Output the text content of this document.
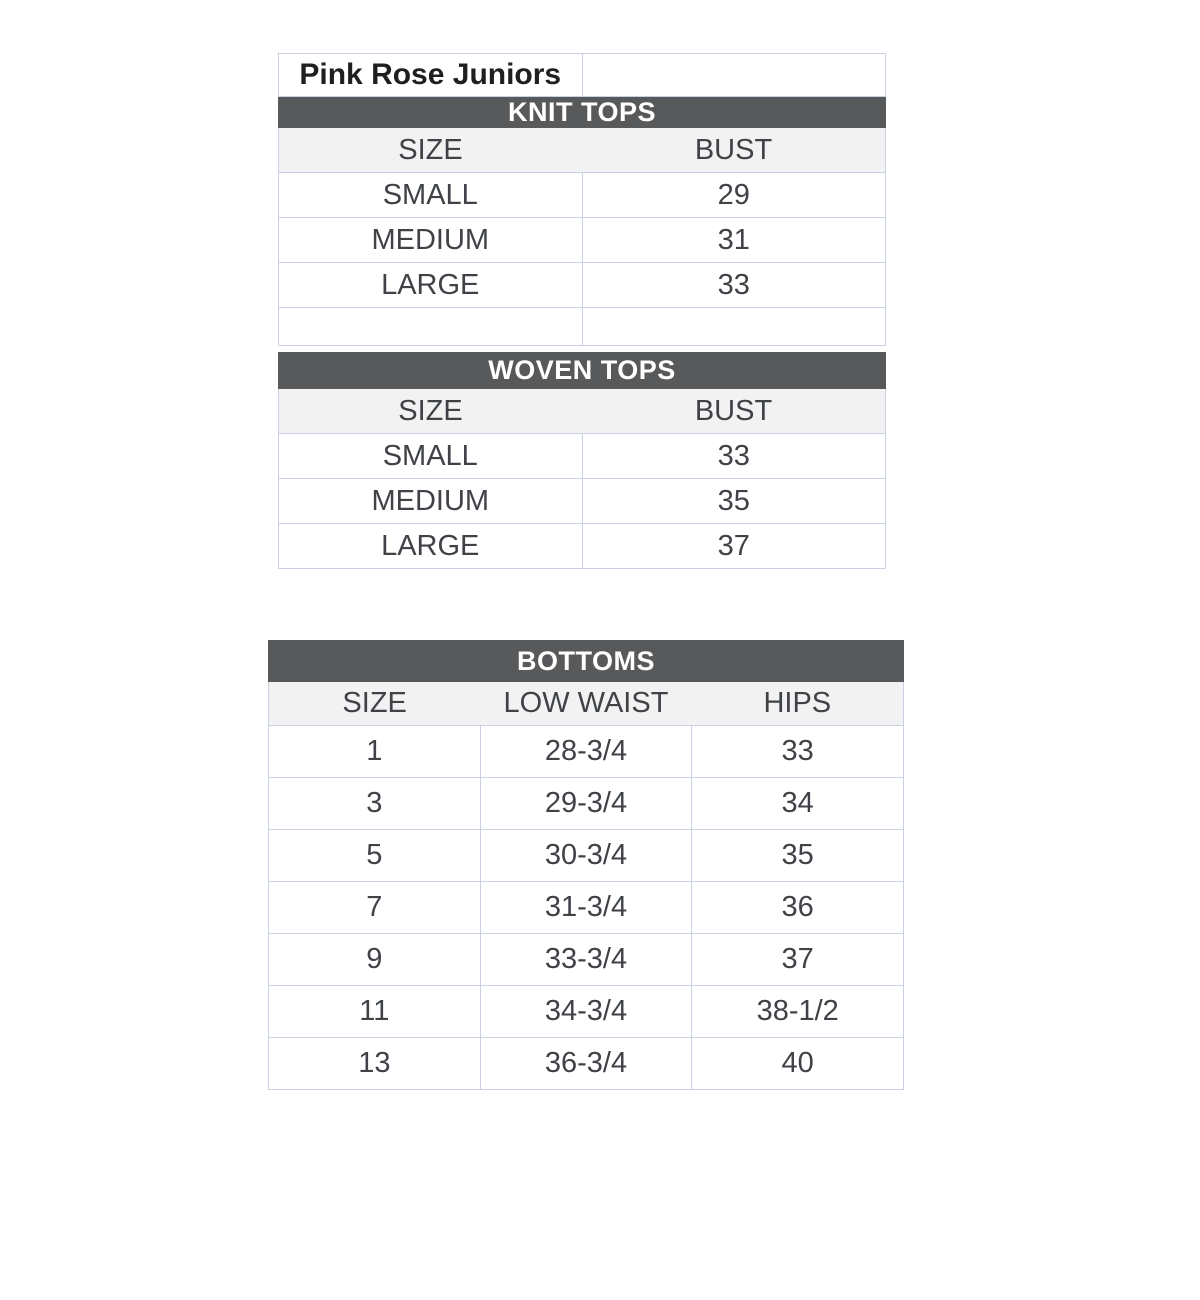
Pink Rose Juniors
KNIT TOPS
SIZE	BUST
SMALL	29
MEDIUM	31
LARGE	33
WOVEN TOPS
SIZE	BUST
SMALL	33
MEDIUM	35
LARGE	37
BOTTOMS
SIZE	LOW WAIST	HIPS
1	28-3/4	33
3	29-3/4	34
5	30-3/4	35
7	31-3/4	36
9	33-3/4	37
11	34-3/4	38-1/2
13	36-3/4	40
